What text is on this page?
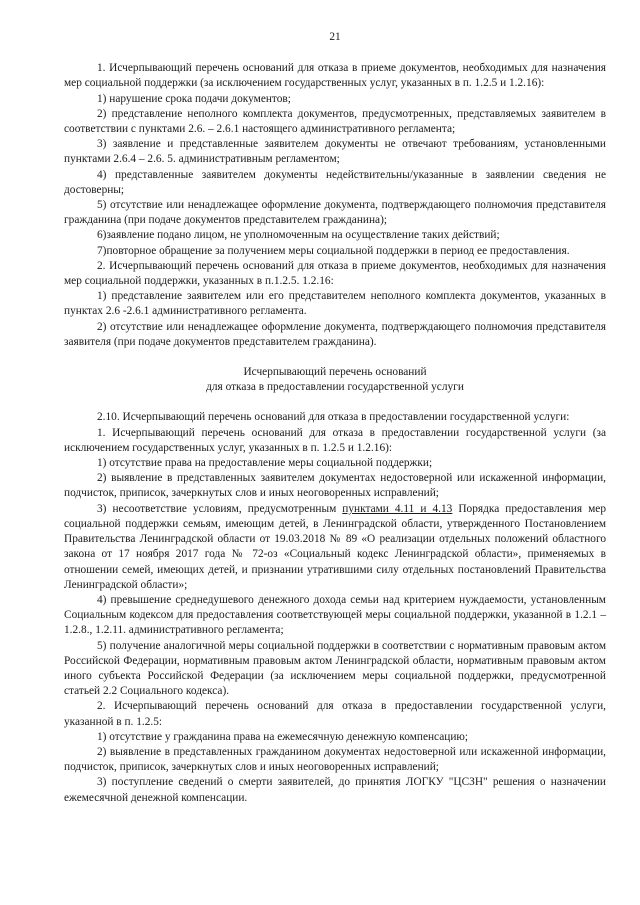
21

1. Исчерпывающий перечень оснований для отказа в приеме документов, необходимых для назначения мер социальной поддержки (за исключением государственных услуг, указанных в п. 1.2.5 и 1.2.16):

1) нарушение срока подачи документов;

2) представление неполного комплекта документов, предусмотренных, представляемых заявителем в соответствии с пунктами 2.6. – 2.6.1 настоящего административного регламента;

3) заявление и представленные заявителем документы не отвечают требованиям, установленными пунктами 2.6.4 – 2.6. 5. административным регламентом;

4) представленные заявителем документы недействительны/указанные в заявлении сведения не достоверны;

5) отсутствие или ненадлежащее оформление документа, подтверждающего полномочия представителя гражданина (при подаче документов представителем гражданина);

6)заявление подано лицом, не уполномоченным на осуществление таких действий;

7)повторное обращение за получением меры социальной поддержки в период ее предоставления.

2. Исчерпывающий перечень оснований для отказа в приеме документов, необходимых для назначения мер социальной поддержки, указанных в п.1.2.5. 1.2.16:

1) представление заявителем или его представителем неполного комплекта документов, указанных в пунктах 2.6 -2.6.1 административного регламента.

2) отсутствие или ненадлежащее оформление документа, подтверждающего полномочия представителя заявителя (при подаче документов представителем гражданина).

Исчерпывающий перечень оснований

для отказа в предоставлении государственной услуги

2.10. Исчерпывающий перечень оснований для отказа в предоставлении государственной услуги:

1. Исчерпывающий перечень оснований для отказа в предоставлении государственной услуги (за исключением государственных услуг, указанных в п. 1.2.5 и 1.2.16):

1) отсутствие права на предоставление меры социальной поддержки;

2) выявление в представленных заявителем документах недостоверной или искаженной информации, подчисток, приписок, зачеркнутых слов и иных неоговоренных исправлений;

3) несоответствие условиям, предусмотренным пунктами 4.11 и 4.13 Порядка предоставления мер социальной поддержки семьям, имеющим детей, в Ленинградской области, утвержденного Постановлением Правительства Ленинградской области от 19.03.2018 № 89 «О реализации отдельных положений областного закона от 17 ноября 2017 года № 72-оз «Социальный кодекс Ленинградской области», применяемых в отношении семей, имеющих детей, и признании утратившими силу отдельных постановлений Правительства Ленинградской области»;

4) превышение среднедушевого денежного дохода семьи над критерием нуждаемости, установленным Социальным кодексом для предоставления соответствующей меры социальной поддержки, указанной в 1.2.1 – 1.2.8., 1.2.11. административного регламента;

5) получение аналогичной меры социальной поддержки в соответствии с нормативным правовым актом Российской Федерации, нормативным правовым актом Ленинградской области, нормативным правовым актом иного субъекта Российской Федерации (за исключением меры социальной поддержки, предусмотренной статьей 2.2 Социального кодекса).

2. Исчерпывающий перечень оснований для отказа в предоставлении государственной услуги, указанной в п. 1.2.5:

1) отсутствие у гражданина права на ежемесячную денежную компенсацию;

2) выявление в представленных гражданином документах недостоверной или искаженной информации, подчисток, приписок, зачеркнутых слов и иных неоговоренных исправлений;

3) поступление сведений о смерти заявителей, до принятия ЛОГКУ "ЦСЗН" решения о назначении ежемесячной денежной компенсации.
